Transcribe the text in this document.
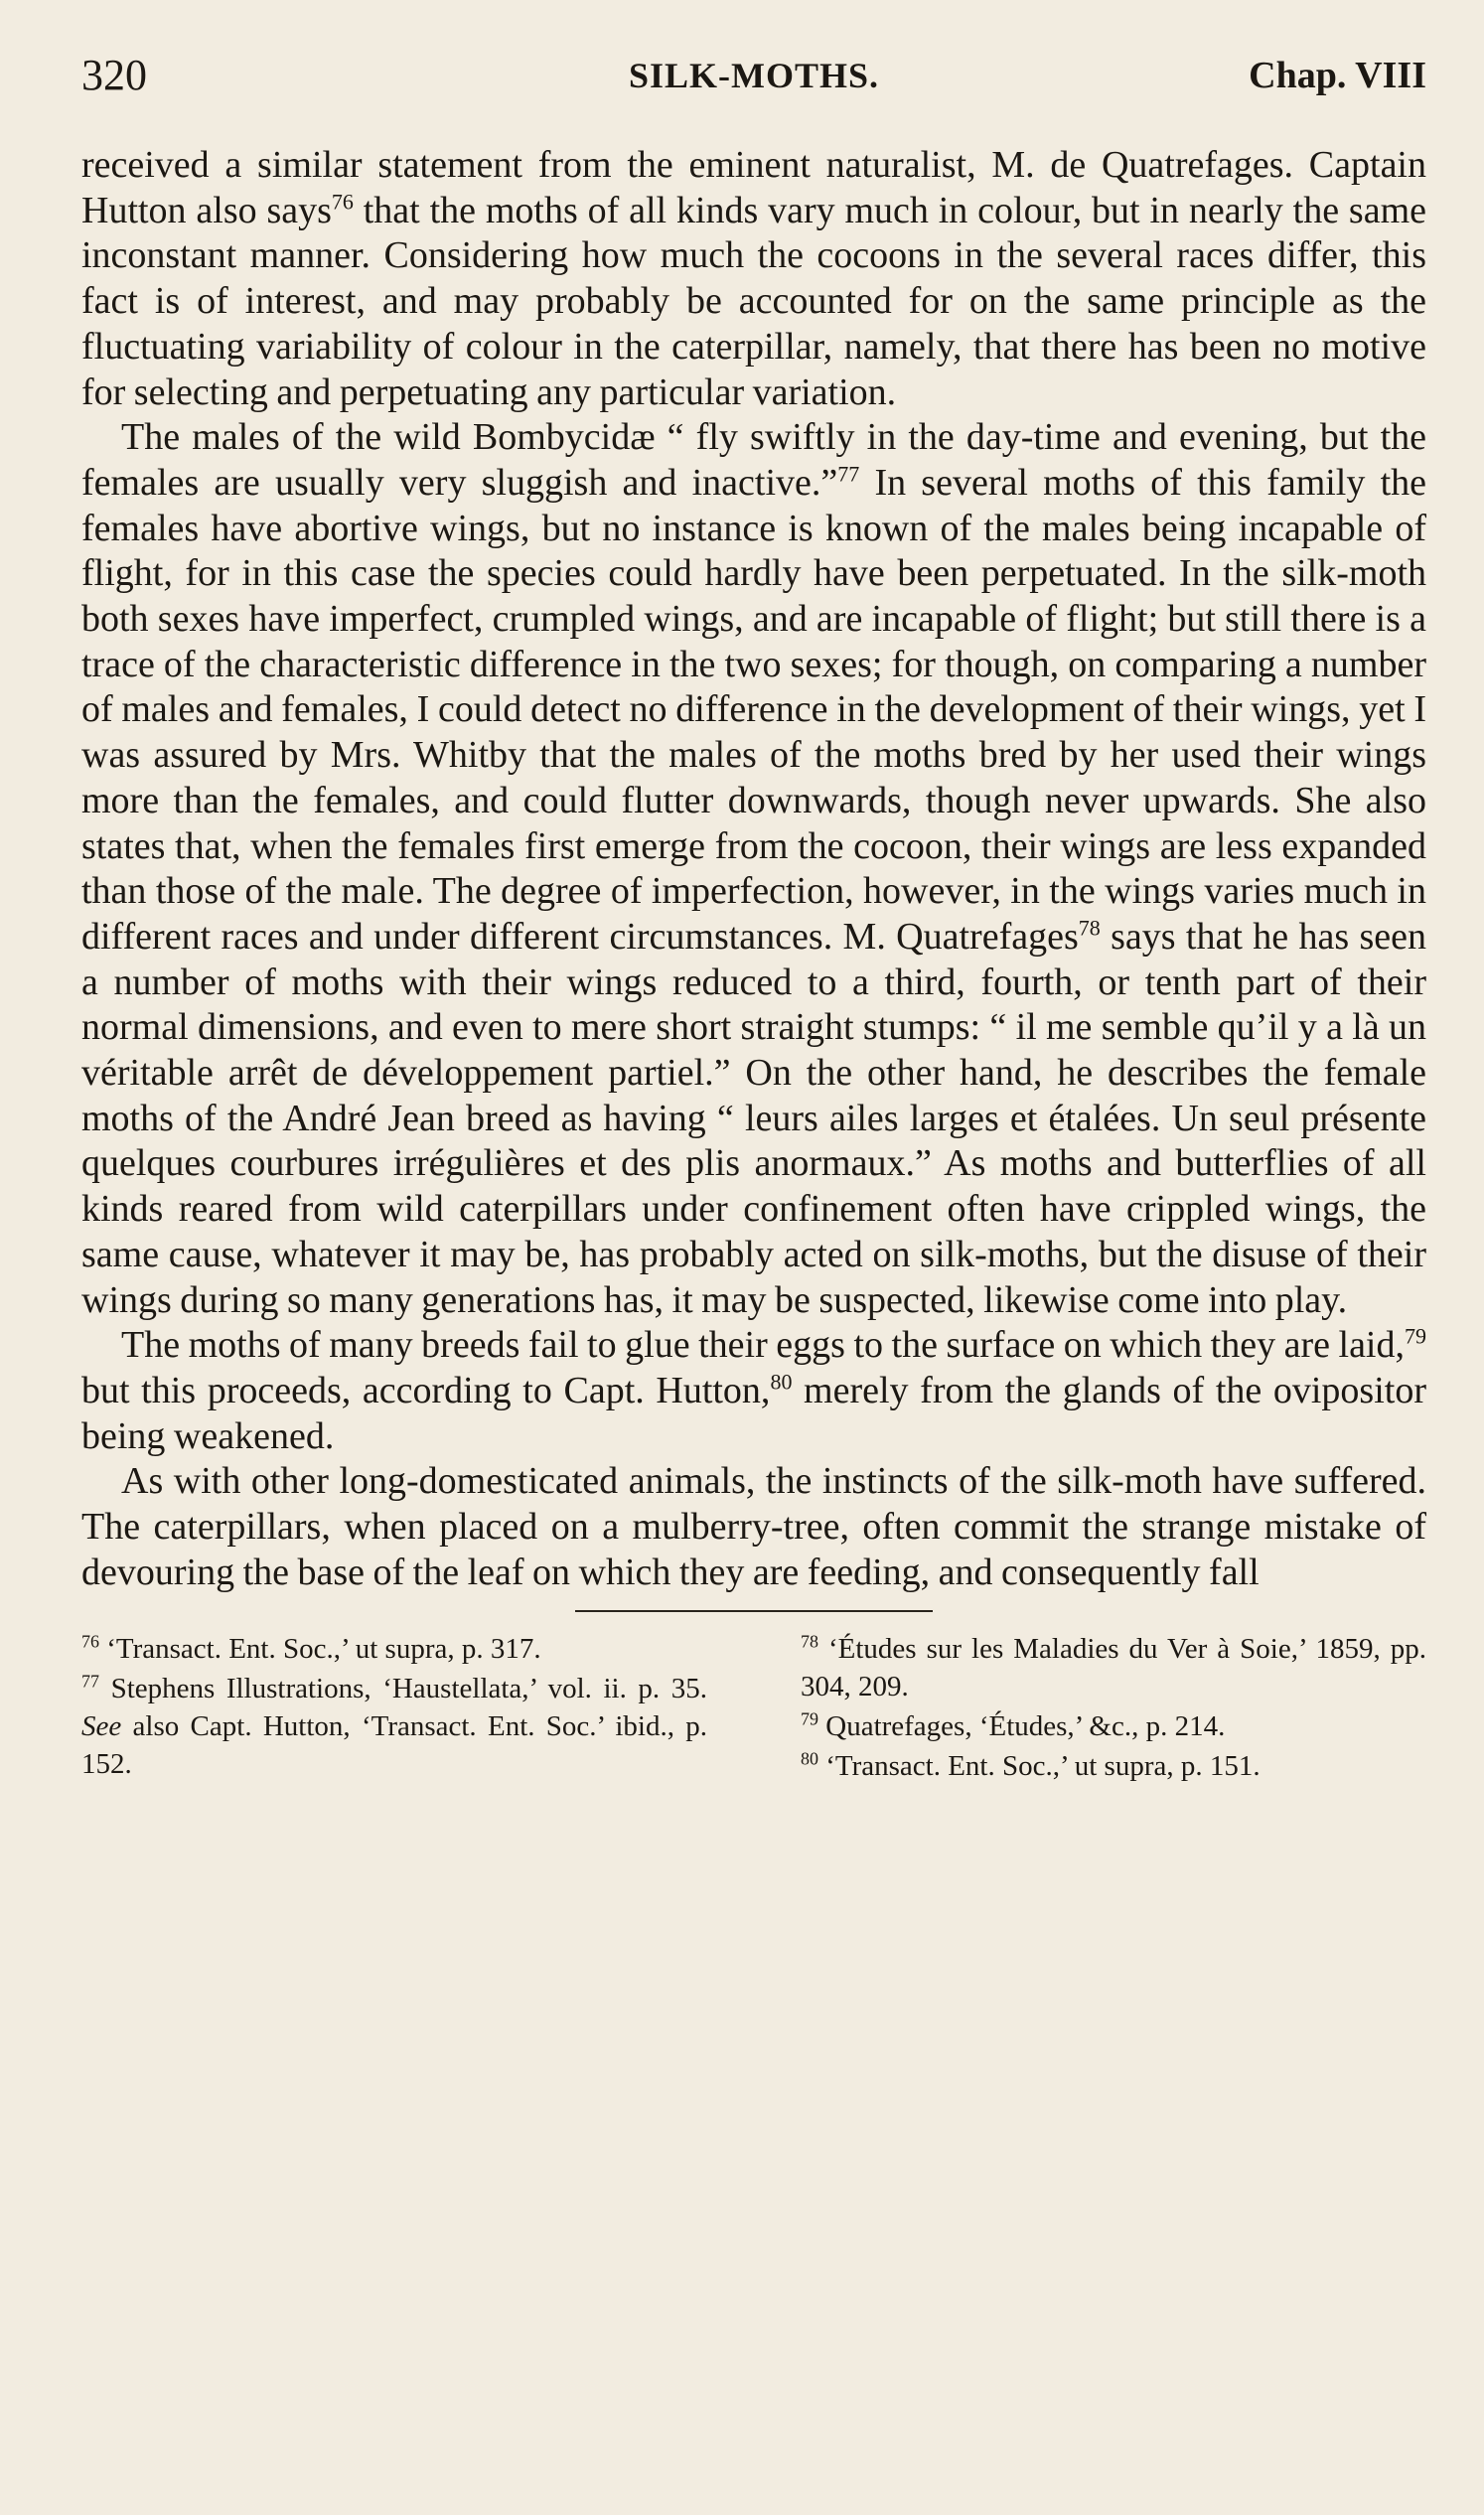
320	SILK-MOTHS.	Chap. VIII

received a similar statement from the eminent naturalist, M. de Quatrefages. Captain Hutton also says$^{76}$ that the moths of all kinds vary much in colour, but in nearly the same inconstant manner. Considering how much the cocoons in the several races differ, this fact is of interest, and may probably be accounted for on the same principle as the fluctuating variability of colour in the caterpillar, namely, that there has been no motive for selecting and perpetuating any particular variation.

The males of the wild Bombycidæ “ fly swiftly in the day-time and evening, but the females are usually very sluggish and inactive.”$^{77}$ In several moths of this family the females have abortive wings, but no instance is known of the males being incapable of flight, for in this case the species could hardly have been perpetuated. In the silk-moth both sexes have imperfect, crumpled wings, and are incapable of flight; but still there is a trace of the characteristic difference in the two sexes; for though, on comparing a number of males and females, I could detect no difference in the development of their wings, yet I was assured by Mrs. Whitby that the males of the moths bred by her used their wings more than the females, and could flutter downwards, though never upwards. She also states that, when the females first emerge from the cocoon, their wings are less expanded than those of the male. The degree of imperfection, however, in the wings varies much in different races and under different circumstances. M. Quatrefages$^{78}$ says that he has seen a number of moths with their wings reduced to a third, fourth, or tenth part of their normal dimensions, and even to mere short straight stumps: “ il me semble qu’il y a là un véritable arrêt de développement partiel.” On the other hand, he describes the female moths of the André Jean breed as having “ leurs ailes larges et étalées. Un seul présente quelques courbures irrégulières et des plis anormaux.” As moths and butterflies of all kinds reared from wild caterpillars under confinement often have crippled wings, the same cause, whatever it may be, has probably acted on silk-moths, but the disuse of their wings during so many generations has, it may be suspected, likewise come into play.

The moths of many breeds fail to glue their eggs to the surface on which they are laid,$^{79}$ but this proceeds, according to Capt. Hutton,$^{80}$ merely from the glands of the ovipositor being weakened.

As with other long-domesticated animals, the instincts of the silk-moth have suffered. The caterpillars, when placed on a mulberry-tree, often commit the strange mistake of devouring the base of the leaf on which they are feeding, and consequently fall

$^{76}$ ‘Transact. Ent. Soc.,’ ut supra, p. 317.

$^{77}$ Stephens Illustrations, ‘Haustellata,’ vol. ii. p. 35. See also Capt. Hutton, ‘Transact. Ent. Soc.’ ibid., p. 152.

$^{78}$ ‘Études sur les Maladies du Ver à Soie,’ 1859, pp. 304, 209.

$^{79}$ Quatrefages, ‘Études,’ &c., p. 214.

$^{80}$ ‘Transact. Ent. Soc.,’ ut supra, p. 151.
